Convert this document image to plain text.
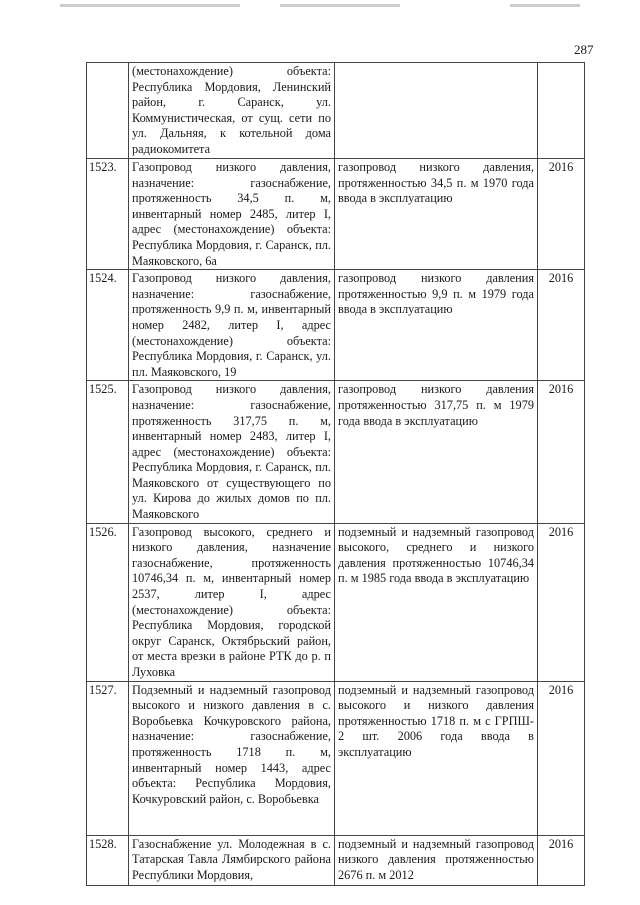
287

	(местонахождение) объекта: Республика Мордовия, Ленинский район, г. Саранск, ул. Коммунистическая, от сущ. сети по ул. Дальняя, к котельной дома радиокомитета		

1523.	Газопровод низкого давления, назначение: газоснабжение, протяженность 34,5 п. м, инвентарный номер 2485, литер I, адрес (местонахождение) объекта: Республика Мордовия, г. Саранск, пл. Маяковского, 6а	газопровод низкого давления, протяженностью 34,5 п. м 1970 года ввода в эксплуатацию	2016

1524.	Газопровод низкого давления, назначение: газоснабжение, протяженность 9,9 п. м, инвентарный номер 2482, литер I, адрес (местонахождение) объекта: Республика Мордовия, г. Саранск, ул. пл. Маяковского, 19	газопровод низкого давления протяженностью 9,9 п. м 1979 года ввода в эксплуатацию	2016

1525.	Газопровод низкого давления, назначение: газоснабжение, протяженность 317,75 п. м, инвентарный номер 2483, литер I, адрес (местонахождение) объекта: Республика Мордовия, г. Саранск, пл. Маяковского от существующего по ул. Кирова до жилых домов по пл. Маяковского	газопровод низкого давления протяженностью 317,75 п. м 1979 года ввода в эксплуатацию	2016

1526.	Газопровод высокого, среднего и низкого давления, назначение газоснабжение, протяженность 10746,34 п. м, инвентарный номер 2537, литер I, адрес (местонахождение) объекта: Республика Мордовия, городской округ Саранск, Октябрьский район, от места врезки в районе РТК до р. п Луховка	подземный и надземный газопровод высокого, среднего и низкого давления протяженностью 10746,34 п. м 1985 года ввода в эксплуатацию	2016

1527.	Подземный и надземный газопровод высокого и низкого давления в с. Воробьевка Кочкуровского района, назначение: газоснабжение, протяженность 1718 п. м, инвентарный номер 1443, адрес объекта: Республика Мордовия, Кочкуровский район, с. Воробьевка	подземный и надземный газопровод высокого и низкого давления протяженностью 1718 п. м с ГРПШ- 2 шт. 2006 года ввода в эксплуатацию	2016

1528.	Газоснабжение ул. Молодежная в с. Татарская Тавла Лямбирского района Республики Мордовия,	подземный и надземный газопровод низкого давления протяженностью 2676 п. м 2012	2016
